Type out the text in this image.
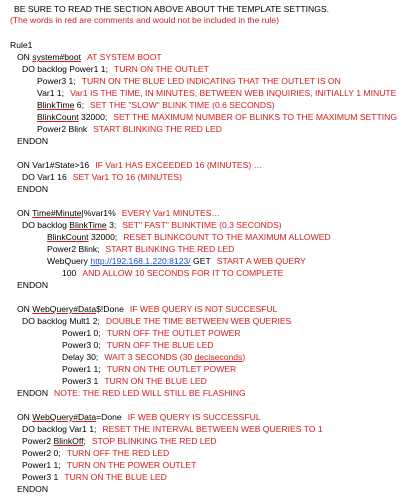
BE SURE TO READ THE SECTION ABOVE ABOUT THE TEMPLATE SETTINGS.
(The words in red are comments and would not be included in the rule)
Rule1
ON system#boot AT SYSTEM BOOT
DO backlog Power1 1; TURN ON THE OUTLET
Power3 1; TURN ON THE BLUE LED INDICATING THAT THE OUTLET IS ON
Var1 1; Var1 IS THE TIME, IN MINUTES, BETWEEN WEB INQUIRIES, INITIALLY 1 MINUTE
BlinkTime 6; SET THE "SLOW" BLINK TIME (0.6 SECONDS)
BlinkCount 32000; SET THE MAXIMUM NUMBER OF BLINKS TO THE MAXIMUM SETTING
Power2 Blink START BLINKING THE RED LED
ENDON
ON Var1#State>16 IF Var1 HAS EXCEEDED 16 (MINUTES) …
DO Var1 16 SET Var1 TO 16 (MINUTES)
ENDON
ON Time#Minute|%var1% EVERY Var1 MINUTES…
DO backlog BlinkTime 3; SET" FAST" BLINKTIME (0.3 SECONDS)
BlinkCount 32000; RESET BLINKCOUNT TO THE MAXIMUM ALLOWED
Power2 Blink; START BLINKING THE RED LED
WebQuery http://192.168.1.220:8123/ GET START A WEB QUERY
100 AND ALLOW 10 SECONDS FOR IT TO COMPLETE
ENDON
ON WebQuery#Data$!Done IF WEB QUERY IS NOT SUCCESFUL
DO backlog Mult1 2; DOUBLE THE TIME BETWEEN WEB QUERIES
Power1 0; TURN OFF THE OUTLET POWER
Power3 0; TURN OFF THE BLUE LED
Delay 30; WAIT 3 SECONDS (30 deciseconds)
Power1 1; TURN ON THE OUTLET POWER
Power3 1 TURN ON THE BLUE LED
ENDON NOTE: THE RED LED WILL STILL BE FLASHING
ON WebQuery#Data=Done IF WEB QUERY IS SUCCESSFUL
DO backlog Var1 1; RESET THE INTERVAL BETWEEN WEB QUERIES TO 1
Power2 BlinkOff; STOP BLINKING THE RED LED
Power2 0; TURN OFF THE RED LED
Power1 1; TURN ON THE POWER OUTLET
Power3 1 TURN ON THE BLUE LED
ENDON
